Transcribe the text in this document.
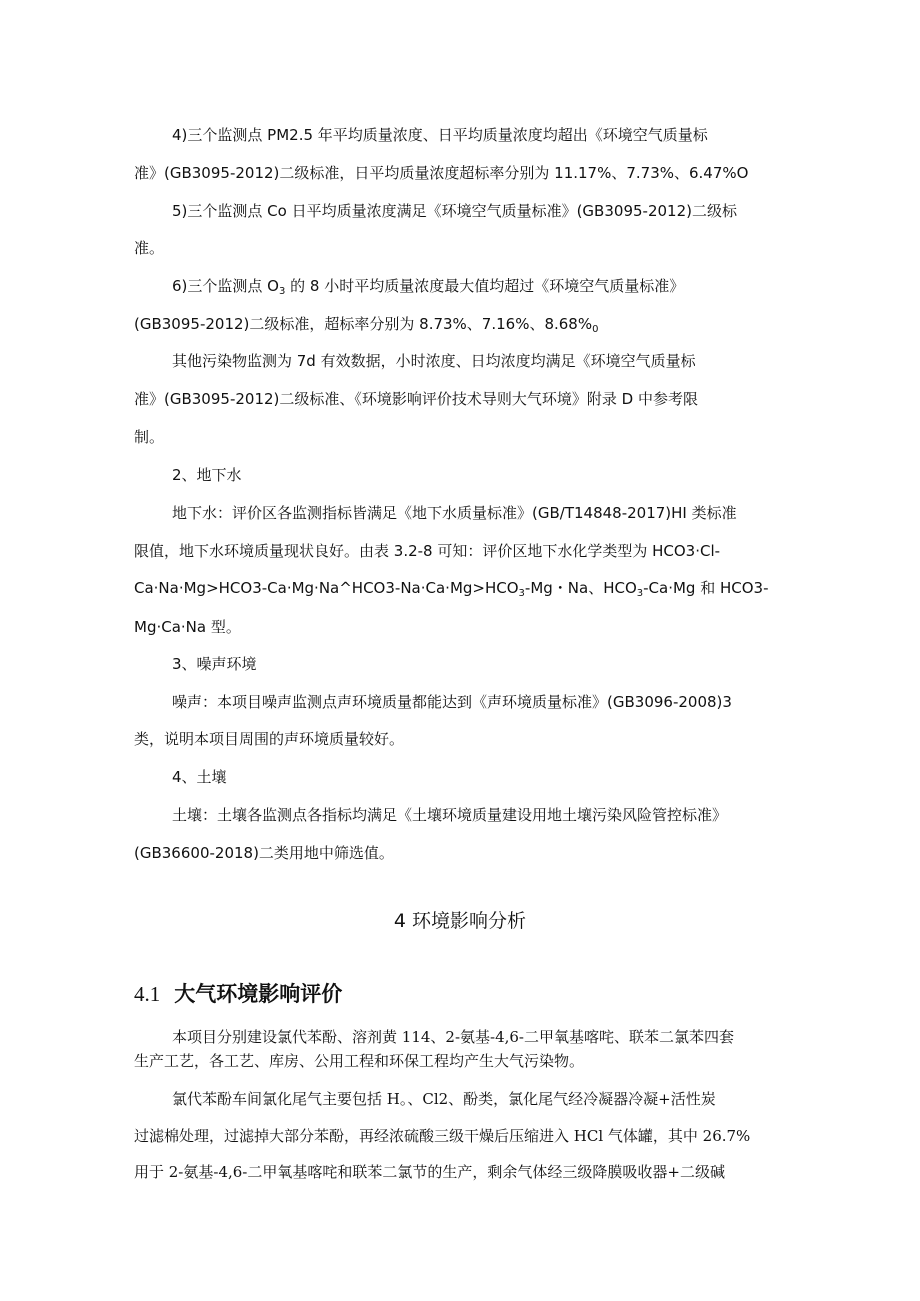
4)三个监测点 PM2.5 年平均质量浓度、日平均质量浓度均超出《环境空气质量标

准》(GB3095-2012)二级标准，日平均质量浓度超标率分别为 11.17%、7.73%、6.47%O

5)三个监测点 Co 日平均质量浓度满足《环境空气质量标准》(GB3095-2012)二级标

准。

6)三个监测点 $O_3$ 的 8 小时平均质量浓度最大值均超过《环境空气质量标准》

(GB3095-2012)二级标准，超标率分别为 8.73%、7.16%、$8.68\%_0$

其他污染物监测为 7d 有效数据，小时浓度、日均浓度均满足《环境空气质量标

准》(GB3095-2012)二级标准、《环境影响评价技术导则大气环境》附录 D 中参考限

制。

2、地下水

地下水：评价区各监测指标皆满足《地下水质量标准》(GB/T14848-2017)HI 类标准

限值，地下水环境质量现状良好。由表 3.2-8 可知：评价区地下水化学类型为 HCO3·Cl-

$Ca\cdot Na\cdot Mg>HCO3-Ca\cdot Mg\cdot Na\^{}HCO3-Na\cdot Ca\cdot Mg>HCO_3-Mg$・Na、$HCO_3-Ca\cdot Mg$ 和 HCO3-

Mg·Ca·Na 型。

3、噪声环境

噪声：本项目噪声监测点声环境质量都能达到《声环境质量标准》(GB3096-2008)3

类，说明本项目周围的声环境质量较好。

4、土壤

土壤：土壤各监测点各指标均满足《土壤环境质量建设用地土壤污染风险管控标准》

(GB36600-2018)二类用地中筛选值。

4 环境影响分析
4.1 大气环境影响评价

本项目分别建设氯代苯酚、溶剂黄 114、2-氨基-4,6-二甲氧基喀咤、联苯二氯苯四套

生产工艺，各工艺、库房、公用工程和环保工程均产生大气污染物。

氯代苯酚车间氯化尾气主要包括 H。、Cl2、酚类，氯化尾气经冷凝器冷凝+活性炭

过滤棉处理，过滤掉大部分苯酚，再经浓硫酸三级干燥后压缩进入 HCl 气体罐，其中 26.7%

用于 2-氨基-4,6-二甲氧基喀咤和联苯二氯节的生产，剩余气体经三级降膜吸收器+二级碱
